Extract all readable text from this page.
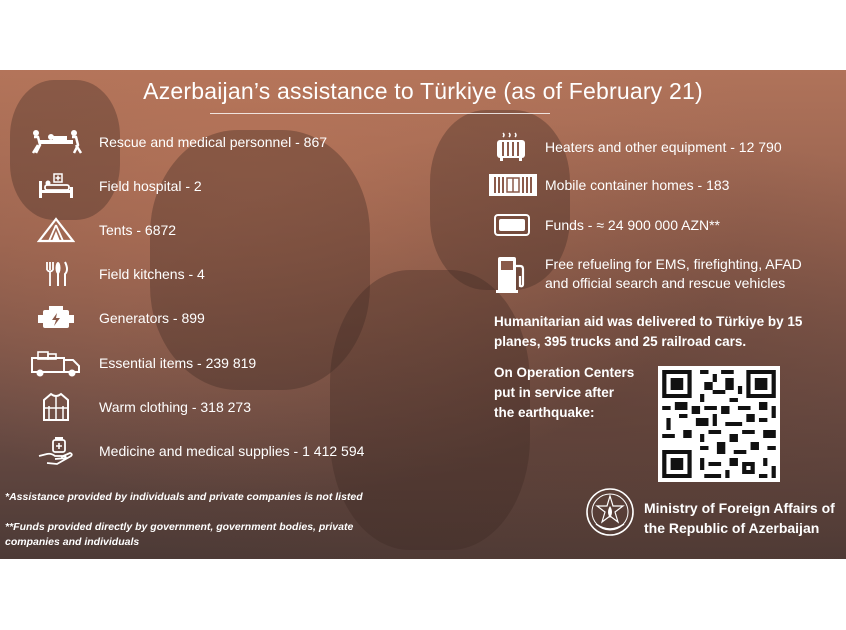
Azerbaijan’s assistance to Türkiye (as of February 21)
Rescue and medical personnel - 867
Field hospital - 2
Tents - 6872
Field kitchens - 4
Generators - 899
Essential items - 239 819
Warm clothing - 318 273
Medicine and medical supplies - 1 412 594
Heaters and other equipment - 12 790
Mobile container homes - 183
Funds - ≈ 24 900 000 AZN**
Free refueling for EMS, firefighting, AFAD
and official search and rescue vehicles
Humanitarian aid was delivered to Türkiye by 15
planes, 395 trucks and 25 railroad cars.
On Operation Centers
put in service after
the earthquake:
Ministry of Foreign Affairs of
the Republic of Azerbaijan
*Assistance provided by individuals and private companies is not listed
**Funds provided directly by government, government bodies, private
companies and individuals
